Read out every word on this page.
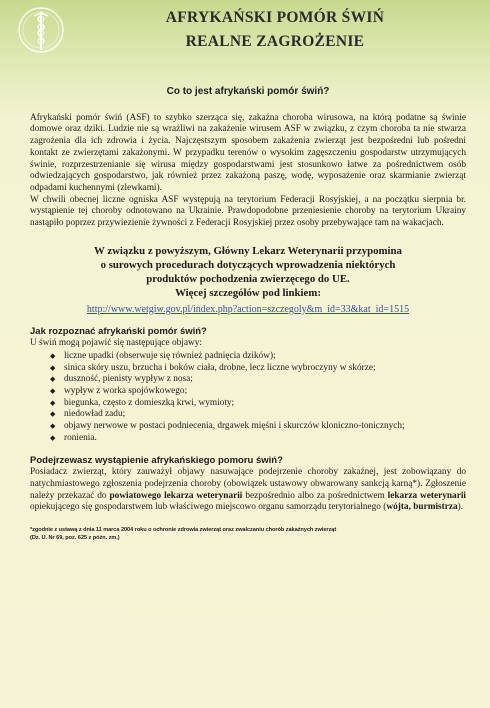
AFRYKAŃSKI POMÓR ŚWIŃ
REALNE ZAGROŻENIE
Co to jest afrykański pomór świń?

Afrykański pomór świń (ASF) to szybko szerząca się, zakaźna choroba wirusowa, na którą podatne są świnie domowe oraz dziki. Ludzie nie są wrażliwi na zakażenie wirusem ASF w związku, z czym choroba ta nie stwarza zagrożenia dla ich zdrowia i życia. Najczęstszym sposobem zakażenia zwierząt jest bezpośredni lub pośredni kontakt ze zwierzętami zakażonymi. W przypadku terenów o wysokim zagęszczeniu gospodarstw utrzymujących świnie, rozprzestrzenianie się wirusa między gospodarstwami jest stosunkowo łatwe za pośrednictwem osób odwiedzających gospodarstwo, jak również przez zakażoną paszę, wodę, wyposażenie oraz skarmianie zwierząt odpadami kuchennymi (zlewkami).

W chwili obecnej liczne ogniska ASF występują na terytorium Federacji Rosyjskiej, a na początku sierpnia br. wystąpienie tej choroby odnotowano na Ukrainie. Prawdopodobne przeniesienie choroby na terytorium Ukrainy nastąpiło poprzez przywiezienie żywności z Federacji Rosyjskiej przez osoby przebywające tam na wakacjach.

W związku z powyższym, Główny Lekarz Weterynarii przypomina
o surowych procedurach dotyczących wprowadzenia niektórych
produktów pochodzenia zwierzęcego do UE.
Więcej szczegółów pod linkiem:
http://www.wetgiw.gov.pl/index.php?action=szczegoly&m_id=33&kat_id=1515
Jak rozpoznać afrykański pomór świń?
U świń mogą pojawić się następujące objawy:
◆ liczne upadki (obserwuje się również padnięcia dzików);
◆ sinica skóry uszu, brzucha i boków ciała, drobne, lecz liczne wybroczyny w skórze;
◆ duszność, pienisty wypływ z nosa;
◆ wypływ z worka spojówkowego;
◆ biegunka, często z domieszką krwi, wymioty;
◆ niedowład zadu;
◆ objawy nerwowe w postaci podniecenia, drgawek mięśni i skurczów kloniczno-tonicznych;
◆ ronienia.
Podejrzewasz wystąpienie afrykańskiego pomoru świń?

Posiadacz zwierząt, który zauważył objawy nasuwające podejrzenie choroby zakaźnej, jest zobowiązany do natychmiastowego zgłoszenia podejrzenia choroby (obowiązek ustawowy obwarowany sankcją karną*). Zgłoszenie należy przekazać do powiatowego lekarza weterynarii bezpośrednio albo za pośrednictwem lekarza weterynarii opiekującego się gospodarstwem lub właściwego miejscowo organu samorządu terytorialnego (wójta, burmistrza).

*zgodnie z ustawą z dnia 11 marca 2004 roku o ochronie zdrowia zwierząt oraz zwalczaniu chorób zakaźnych zwierząt
(Dz. U. Nr 69, poz. 625 z późn. zm.)
